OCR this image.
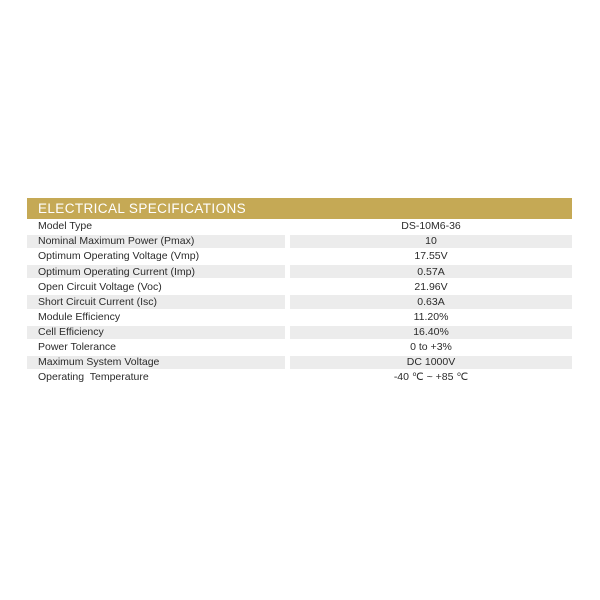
ELECTRICAL SPECIFICATIONS
Model Type	DS-10M6-36
Nominal Maximum Power (Pmax)	10
Optimum Operating Voltage (Vmp)	17.55V
Optimum Operating Current (Imp)	0.57A
Open Circuit Voltage (Voc)	21.96V
Short Circuit Current (Isc)	0.63A
Module Efficiency	11.20%
Cell Efficiency	16.40%
Power Tolerance	0 to +3%
Maximum System Voltage	DC 1000V
Operating  Temperature	-40 ℃ ~ +85 ℃
